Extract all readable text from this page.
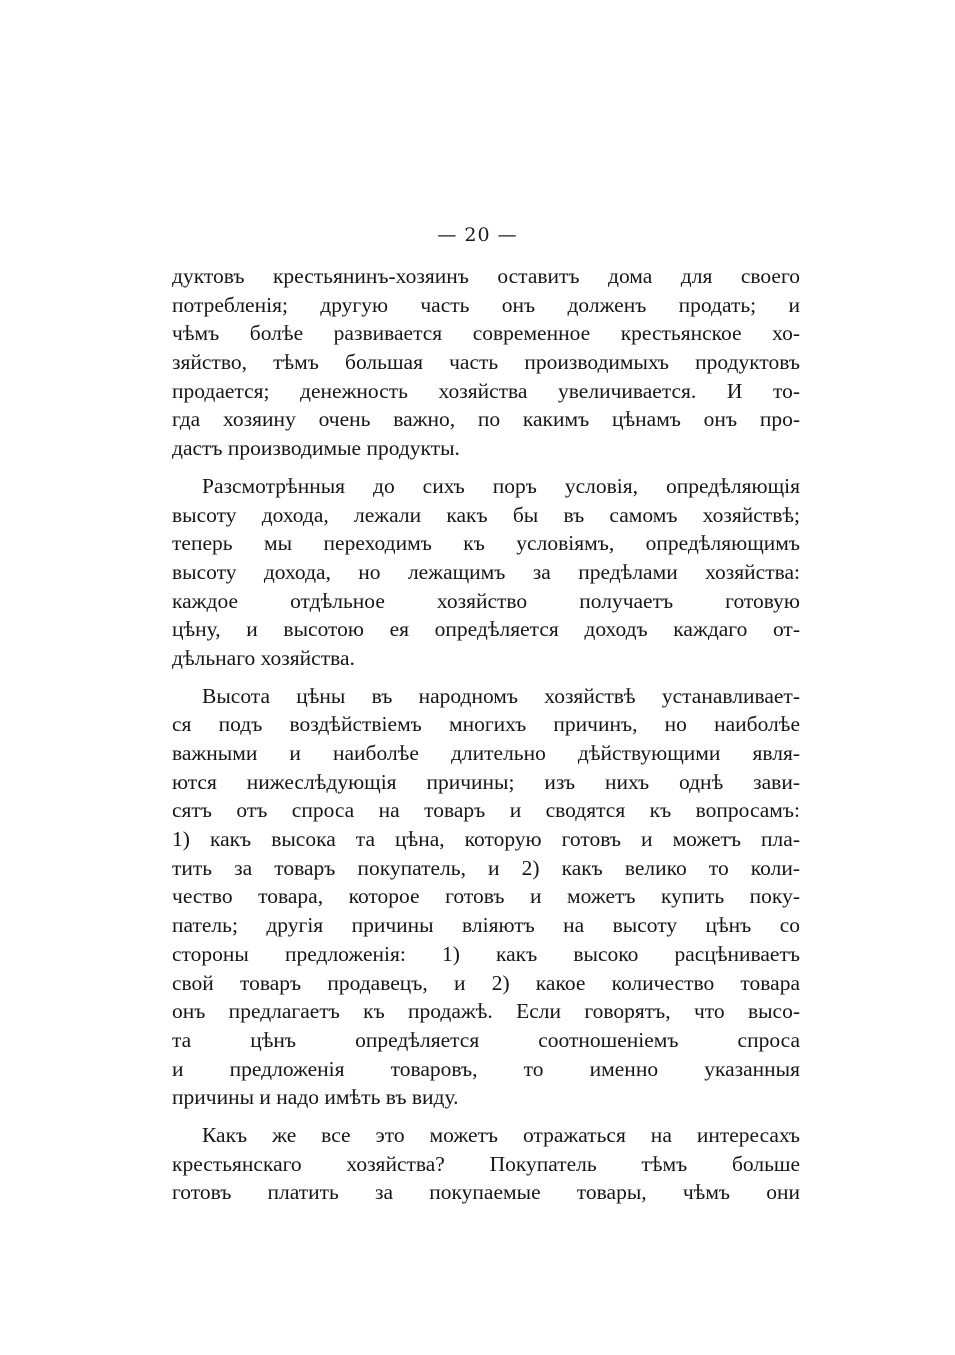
— 20 —
дуктовъ крестьянинъ-хозяинъ оставитъ дома для своего
потребленія; другую часть онъ долженъ продать; и
чѣмъ болѣе развивается современное крестьянское хо-
зяйство, тѣмъ большая часть производимыхъ продуктовъ
продается; денежность хозяйства увеличивается. И то-
гда хозяину очень важно, по какимъ цѣнамъ онъ про-
дастъ производимые продукты.
Разсмотрѣнныя до сихъ поръ условія, опредѣляющія
высоту дохода, лежали какъ бы въ самомъ хозяйствѣ;
теперь мы переходимъ къ условіямъ, опредѣляющимъ
высоту дохода, но лежащимъ за предѣлами хозяйства:
каждое отдѣльное хозяйство получаетъ готовую
цѣну, и высотою ея опредѣляется доходъ каждаго от-
дѣльнаго хозяйства.
Высота цѣны въ народномъ хозяйствѣ устанавливает-
ся подъ воздѣйствіемъ многихъ причинъ, но наиболѣе
важными и наиболѣе длительно дѣйствующими явля-
ются нижеслѣдующія причины; изъ нихъ однѣ зави-
сятъ отъ спроса на товаръ и сводятся къ вопросамъ:
1) какъ высока та цѣна, которую готовъ и можетъ пла-
тить за товаръ покупатель, и 2) какъ велико то коли-
чество товара, которое готовъ и можетъ купить поку-
патель; другія причины вліяютъ на высоту цѣнъ со
стороны предложенія: 1) какъ высоко расцѣниваетъ
свой товаръ продавецъ, и 2) какое количество товара
онъ предлагаетъ къ продажѣ. Если говорятъ, что высо-
та цѣнъ опредѣляется соотношеніемъ спроса
и предложенія товаровъ, то именно указанныя
причины и надо имѣть въ виду.
Какъ же все это можетъ отражаться на интересахъ
крестьянскаго хозяйства? Покупатель тѣмъ больше
готовъ платить за покупаемые товары, чѣмъ они
